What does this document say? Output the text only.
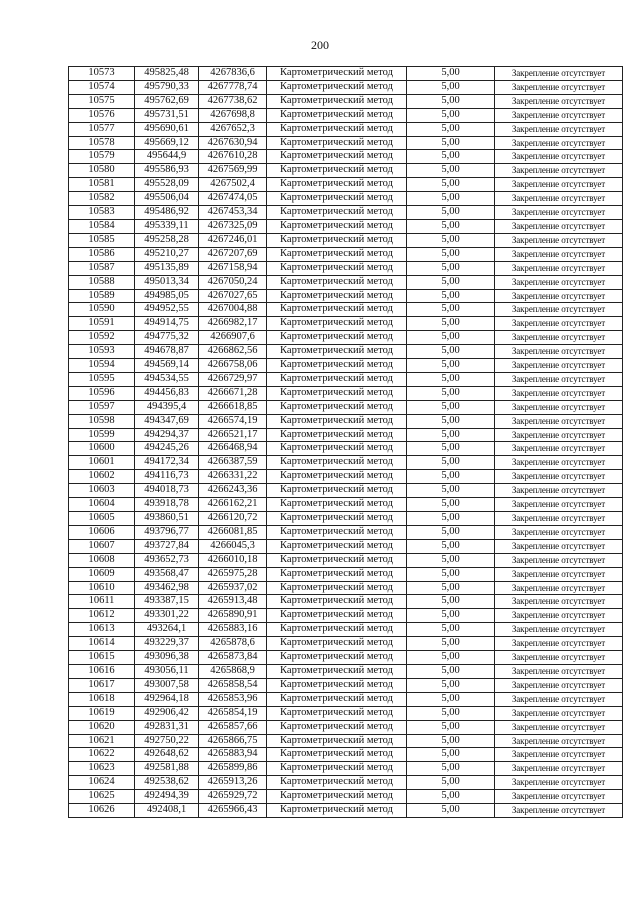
200
10573	495825,48	4267836,6	Картометрический метод	5,00	Закрепление отсутствует
10574	495790,33	4267778,74	Картометрический метод	5,00	Закрепление отсутствует
10575	495762,69	4267738,62	Картометрический метод	5,00	Закрепление отсутствует
10576	495731,51	4267698,8	Картометрический метод	5,00	Закрепление отсутствует
10577	495690,61	4267652,3	Картометрический метод	5,00	Закрепление отсутствует
10578	495669,12	4267630,94	Картометрический метод	5,00	Закрепление отсутствует
10579	495644,9	4267610,28	Картометрический метод	5,00	Закрепление отсутствует
10580	495586,93	4267569,99	Картометрический метод	5,00	Закрепление отсутствует
10581	495528,09	4267502,4	Картометрический метод	5,00	Закрепление отсутствует
10582	495506,04	4267474,05	Картометрический метод	5,00	Закрепление отсутствует
10583	495486,92	4267453,34	Картометрический метод	5,00	Закрепление отсутствует
10584	495339,11	4267325,09	Картометрический метод	5,00	Закрепление отсутствует
10585	495258,28	4267246,01	Картометрический метод	5,00	Закрепление отсутствует
10586	495210,27	4267207,69	Картометрический метод	5,00	Закрепление отсутствует
10587	495135,89	4267158,94	Картометрический метод	5,00	Закрепление отсутствует
10588	495013,34	4267050,24	Картометрический метод	5,00	Закрепление отсутствует
10589	494985,05	4267027,65	Картометрический метод	5,00	Закрепление отсутствует
10590	494952,55	4267004,88	Картометрический метод	5,00	Закрепление отсутствует
10591	494914,75	4266982,17	Картометрический метод	5,00	Закрепление отсутствует
10592	494775,32	4266907,6	Картометрический метод	5,00	Закрепление отсутствует
10593	494678,87	4266862,56	Картометрический метод	5,00	Закрепление отсутствует
10594	494569,14	4266758,06	Картометрический метод	5,00	Закрепление отсутствует
10595	494534,55	4266729,97	Картометрический метод	5,00	Закрепление отсутствует
10596	494456,83	4266671,28	Картометрический метод	5,00	Закрепление отсутствует
10597	494395,4	4266618,85	Картометрический метод	5,00	Закрепление отсутствует
10598	494347,69	4266574,19	Картометрический метод	5,00	Закрепление отсутствует
10599	494294,37	4266521,17	Картометрический метод	5,00	Закрепление отсутствует
10600	494245,26	4266468,94	Картометрический метод	5,00	Закрепление отсутствует
10601	494172,34	4266387,59	Картометрический метод	5,00	Закрепление отсутствует
10602	494116,73	4266331,22	Картометрический метод	5,00	Закрепление отсутствует
10603	494018,73	4266243,36	Картометрический метод	5,00	Закрепление отсутствует
10604	493918,78	4266162,21	Картометрический метод	5,00	Закрепление отсутствует
10605	493860,51	4266120,72	Картометрический метод	5,00	Закрепление отсутствует
10606	493796,77	4266081,85	Картометрический метод	5,00	Закрепление отсутствует
10607	493727,84	4266045,3	Картометрический метод	5,00	Закрепление отсутствует
10608	493652,73	4266010,18	Картометрический метод	5,00	Закрепление отсутствует
10609	493568,47	4265975,28	Картометрический метод	5,00	Закрепление отсутствует
10610	493462,98	4265937,02	Картометрический метод	5,00	Закрепление отсутствует
10611	493387,15	4265913,48	Картометрический метод	5,00	Закрепление отсутствует
10612	493301,22	4265890,91	Картометрический метод	5,00	Закрепление отсутствует
10613	493264,1	4265883,16	Картометрический метод	5,00	Закрепление отсутствует
10614	493229,37	4265878,6	Картометрический метод	5,00	Закрепление отсутствует
10615	493096,38	4265873,84	Картометрический метод	5,00	Закрепление отсутствует
10616	493056,11	4265868,9	Картометрический метод	5,00	Закрепление отсутствует
10617	493007,58	4265858,54	Картометрический метод	5,00	Закрепление отсутствует
10618	492964,18	4265853,96	Картометрический метод	5,00	Закрепление отсутствует
10619	492906,42	4265854,19	Картометрический метод	5,00	Закрепление отсутствует
10620	492831,31	4265857,66	Картометрический метод	5,00	Закрепление отсутствует
10621	492750,22	4265866,75	Картометрический метод	5,00	Закрепление отсутствует
10622	492648,62	4265883,94	Картометрический метод	5,00	Закрепление отсутствует
10623	492581,88	4265899,86	Картометрический метод	5,00	Закрепление отсутствует
10624	492538,62	4265913,26	Картометрический метод	5,00	Закрепление отсутствует
10625	492494,39	4265929,72	Картометрический метод	5,00	Закрепление отсутствует
10626	492408,1	4265966,43	Картометрический метод	5,00	Закрепление отсутствует
